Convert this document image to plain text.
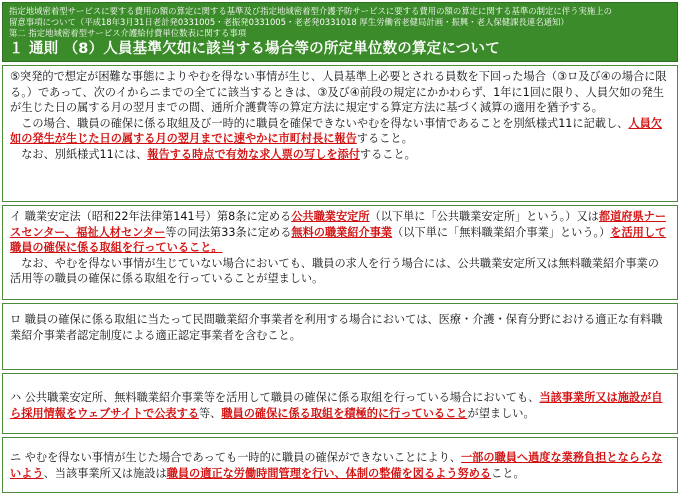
指定地域密着型サービスに要する費用の額の算定に関する基準及び指定地域密着型介護予防サービスに要する費用の額の算定に関する基準の制定に伴う実施上の
留意事項について（平成18年3月31日老計発0331005・老振発0331005・老老発0331018 厚生労働省老健局計画・振興・老人保健課長連名通知）
第二 指定地域密着型サービス介護給付費単位数表に関する事項
１ 通則 （8）人員基準欠如に該当する場合等の所定単位数の算定について

⑤突発的で想定が困難な事態によりやむを得ない事情が生じ、人員基準上必要とされる員数を下回った場合（③ロ及び④の場合に限る。）であって、次のイからニまでの全てに該当するときは、③及び④前段の規定にかかわらず、1年に1回に限り、人員欠如の発生が生じた日の属する月の翌月までの間、通所介護費等の算定方法に規定する算定方法に基づく減算の適用を猶予する。

この場合、職員の確保に係る取組及び一時的に職員を確保できないやむを得ない事情であることを別紙様式11に記載し、人員欠如の発生が生じた日の属する月の翌月までに速やかに市町村長に報告すること。

なお、別紙様式11には、報告する時点で有効な求人票の写しを添付すること。

イ 職業安定法（昭和22年法律第141号）第8条に定める公共職業安定所（以下単に「公共職業安定所」という。）又は都道府県ナースセンター、福祉人材センター等の同法第33条に定める無料の職業紹介事業（以下単に「無料職業紹介事業」という。）を活用して職員の確保に係る取組を行っていること。

なお、やむを得ない事情が生じていない場合においても、職員の求人を行う場合には、公共職業安定所又は無料職業紹介事業の活用等の職員の確保に係る取組を行っていることが望ましい。

ロ 職員の確保に係る取組に当たって民間職業紹介事業者を利用する場合においては、医療・介護・保育分野における適正な有料職業紹介事業者認定制度による適正認定事業者を含むこと。

ハ 公共職業安定所、無料職業紹介事業等を活用して職員の確保に係る取組を行っている場合においても、当該事業所又は施設が自ら採用情報をウェブサイトで公表する等、職員の確保に係る取組を積極的に行っていることが望ましい。

ニ やむを得ない事情が生じた場合であっても一時的に職員の確保ができないことにより、一部の職員へ過度な業務負担となららないよう、当該事業所又は施設は職員の適正な労働時間管理を行い、体制の整備を図るよう努めること。
